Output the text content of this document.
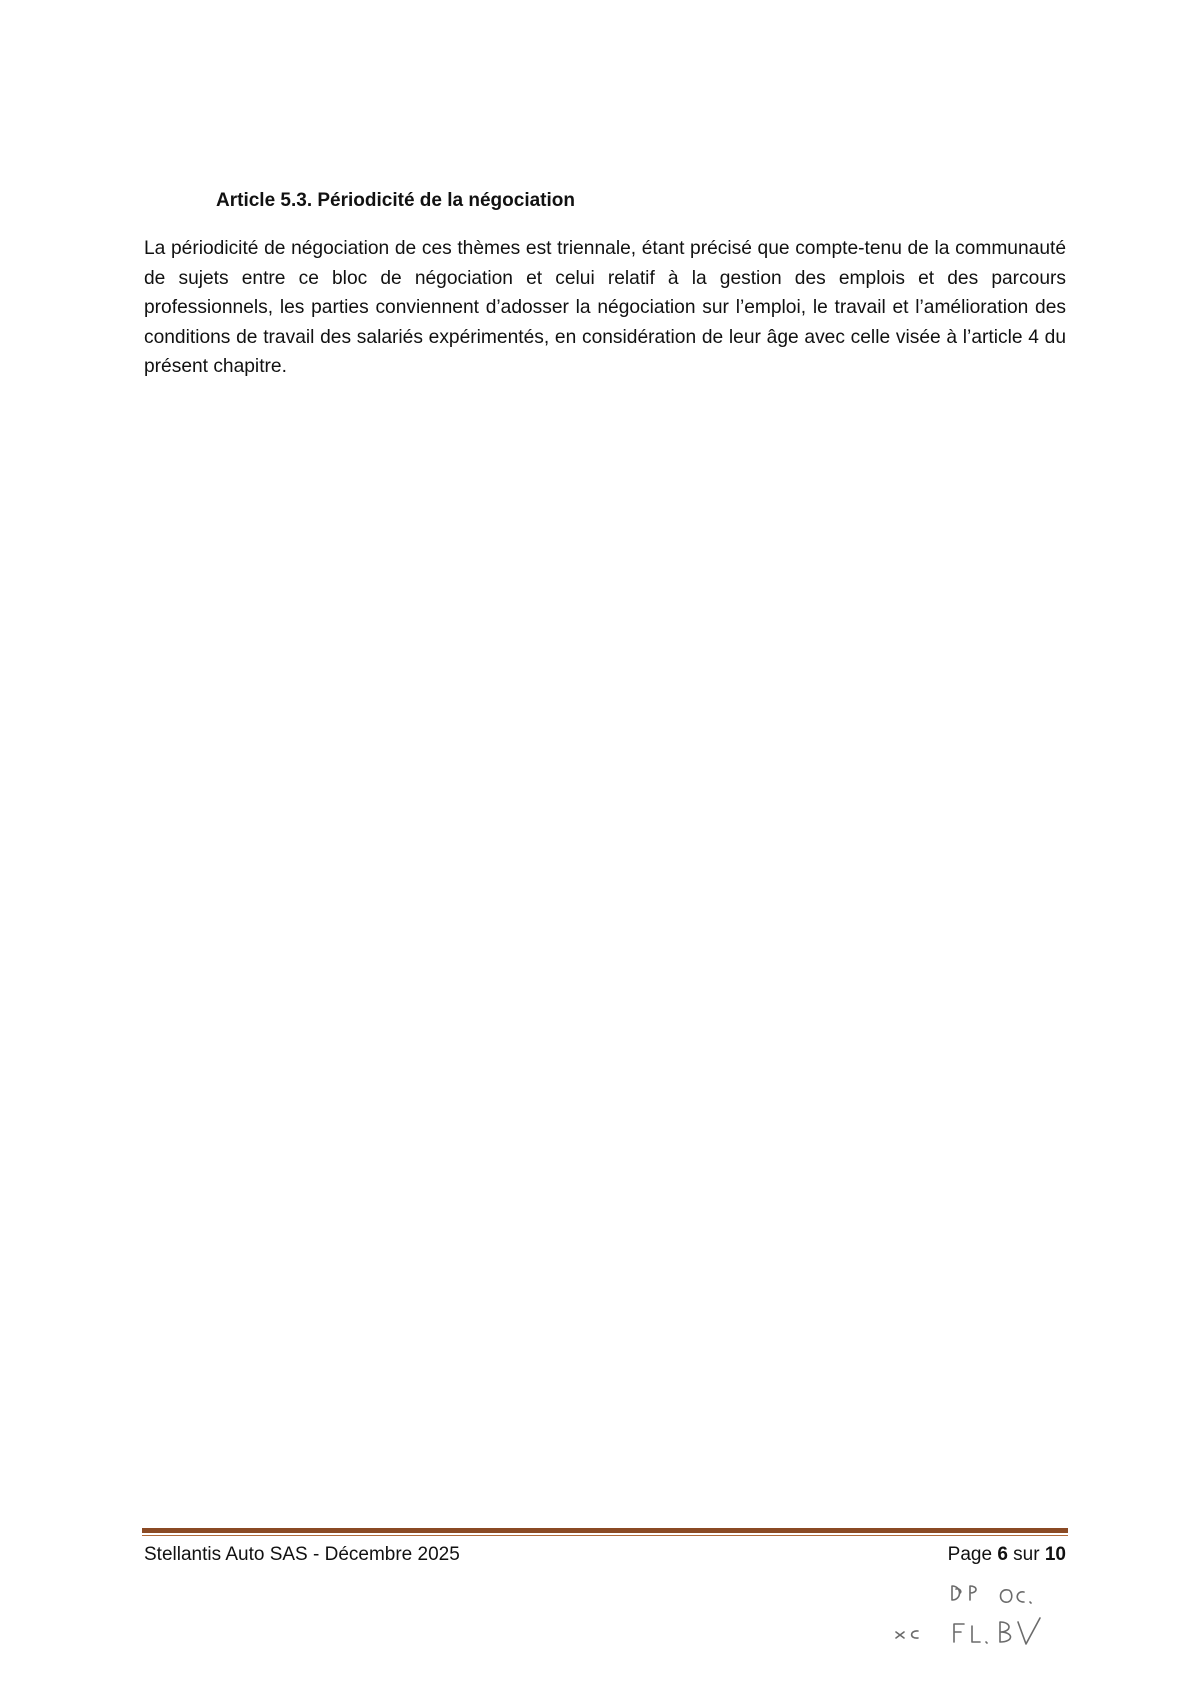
Article 5.3. Périodicité de la négociation

La périodicité de négociation de ces thèmes est triennale, étant précisé que compte-tenu de la communauté de sujets entre ce bloc de négociation et celui relatif à la gestion des emplois et des parcours professionnels, les parties conviennent d’adosser la négociation sur l’emploi, le travail et l’amélioration des conditions de travail des salariés expérimentés, en considération de leur âge avec celle visée à l’article 4 du présent chapitre.

Stellantis Auto SAS - Décembre 2025	Page 6 sur 10
